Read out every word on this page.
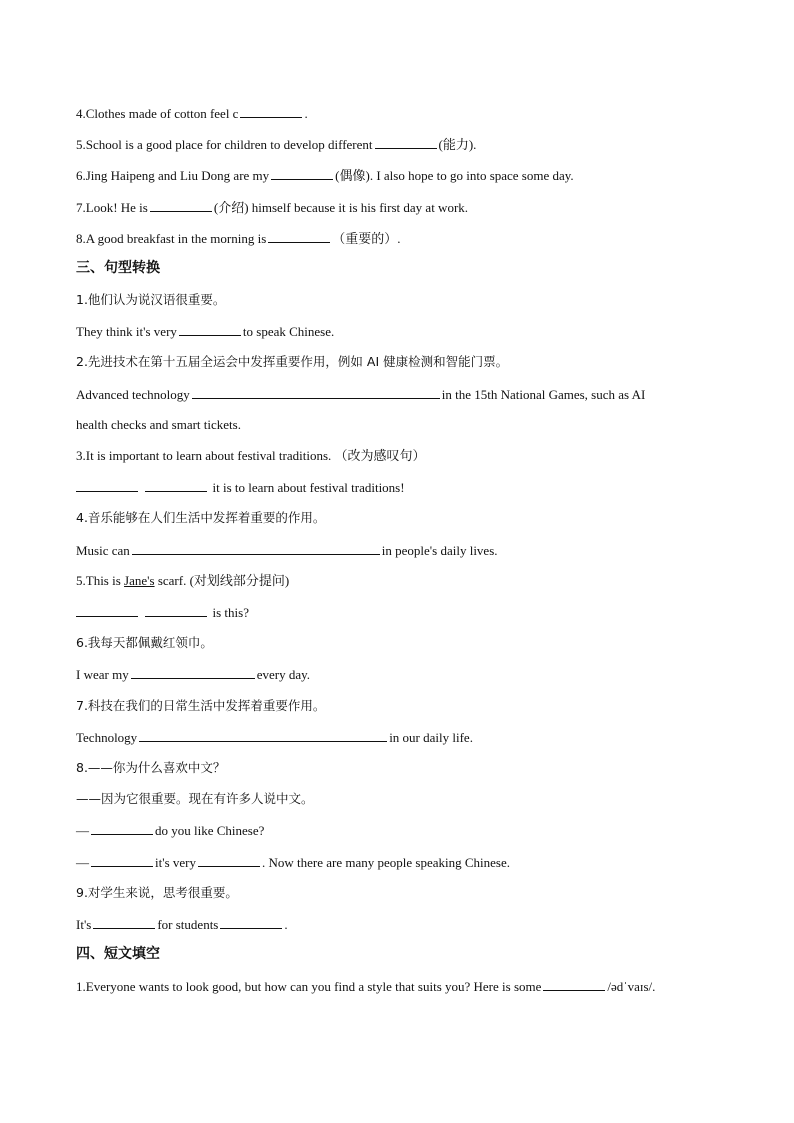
4.Clothes made of cotton feel c	.
5.School is a good place for children to develop different	(能力).
6.Jing Haipeng and Liu Dong are my	(偶像). I also hope to go into space some day.
7.Look! He is	(介绍) himself because it is his first day at work.
8.A good breakfast in the morning is	（重要的）.
三、句型转换
1.他们认为说汉语很重要。
They think it's very	to speak Chinese.
2.先进技术在第十五届全运会中发挥重要作用，例如 AI 健康检测和智能门票。
Advanced technology	in the 15th National Games, such as AI
health checks and smart tickets.
3.It is important to learn about festival traditions. （改为感叹句）
it is to learn about festival traditions!
4.音乐能够在人们生活中发挥着重要的作用。
Music can	in people's daily lives.
5.This is Jane's scarf. (对划线部分提问)
is this?
6.我每天都佩戴红领巾。
I wear my	every day.
7.科技在我们的日常生活中发挥着重要作用。
Technology	in our daily life.
8.——你为什么喜欢中文？
——因为它很重要。现在有许多人说中文。
—	do you like Chinese?
—	it's very	. Now there are many people speaking Chinese.
9.对学生来说，思考很重要。
It's	for students	.
四、短文填空
1.Everyone wants to look good, but how can you find a style that suits you? Here is some	/ədˈvaɪs/.
